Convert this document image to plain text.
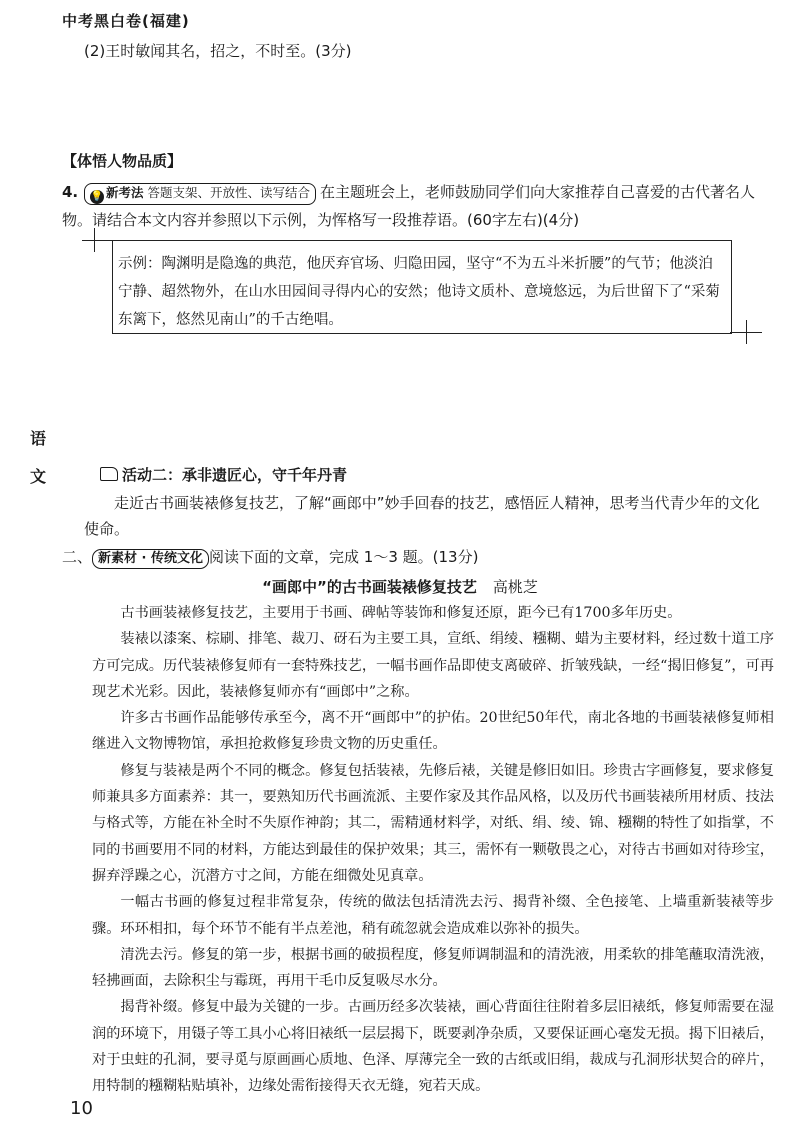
中考黑白卷(福建)
(2)王时敏闻其名，招之，不时至。(3分)
【体悟人物品质】
4. 💡 新考法 答题支架、开放性、读写结合 在主题班会上，老师鼓励同学们向大家推荐自己喜爱的古代著名人物。请结合本文内容并参照以下示例，为恽格写一段推荐语。(60字左右)(4分)
示例：陶渊明是隐逸的典范，他厌弃官场、归隐田园，坚守“不为五斗米折腰”的气节；他淡泊宁静、超然物外，在山水田园间寻得内心的安然；他诗文质朴、意境悠远，为后世留下了“采菊东篱下，悠然见南山”的千古绝唱。
语
文	活动二：承非遗匠心，守千年丹青
走近古书画装裱修复技艺，了解“画郎中”妙手回春的技艺，感悟匠人精神，思考当代青少年的文化使命。
二、 新素材 · 传统文化 阅读下面的文章，完成 1～3 题。(13分)
“画郎中”的古书画装裱修复技艺 高桃芝

古书画装裱修复技艺，主要用于书画、碑帖等装饰和修复还原，距今已有1700多年历史。

装裱以漆案、棕刷、排笔、裁刀、砑石为主要工具，宣纸、绢绫、糨糊、蜡为主要材料，经过数十道工序方可完成。历代装裱修复师有一套特殊技艺，一幅书画作品即使支离破碎、折皱残缺，一经“揭旧修复”，可再现艺术光彩。因此，装裱修复师亦有“画郎中”之称。

许多古书画作品能够传承至今，离不开“画郎中”的护佑。20世纪50年代，南北各地的书画装裱修复师相继进入文物博物馆，承担抢救修复珍贵文物的历史重任。

修复与装裱是两个不同的概念。修复包括装裱，先修后裱，关键是修旧如旧。珍贵古字画修复，要求修复师兼具多方面素养：其一，要熟知历代书画流派、主要作家及其作品风格，以及历代书画装裱所用材质、技法与格式等，方能在补全时不失原作神韵；其二，需精通材料学，对纸、绢、绫、锦、糨糊的特性了如指掌，不同的书画要用不同的材料，方能达到最佳的保护效果；其三，需怀有一颗敬畏之心，对待古书画如对待珍宝，摒弃浮躁之心，沉潜方寸之间，方能在细微处见真章。

一幅古书画的修复过程非常复杂，传统的做法包括清洗去污、揭背补缀、全色接笔、上墙重新装裱等步骤。环环相扣，每个环节不能有半点差池，稍有疏忽就会造成难以弥补的损失。

清洗去污。修复的第一步，根据书画的破损程度，修复师调制温和的清洗液，用柔软的排笔蘸取清洗液，轻拂画面，去除积尘与霉斑，再用干毛巾反复吸尽水分。

揭背补缀。修复中最为关键的一步。古画历经多次装裱，画心背面往往附着多层旧裱纸，修复师需要在湿润的环境下，用镊子等工具小心将旧裱纸一层层揭下，既要剥净杂质，又要保证画心毫发无损。揭下旧裱后，对于虫蛀的孔洞，要寻觅与原画画心质地、色泽、厚薄完全一致的古纸或旧绢，裁成与孔洞形状契合的碎片，用特制的糨糊粘贴填补，边缘处需衔接得天衣无缝，宛若天成。

10
